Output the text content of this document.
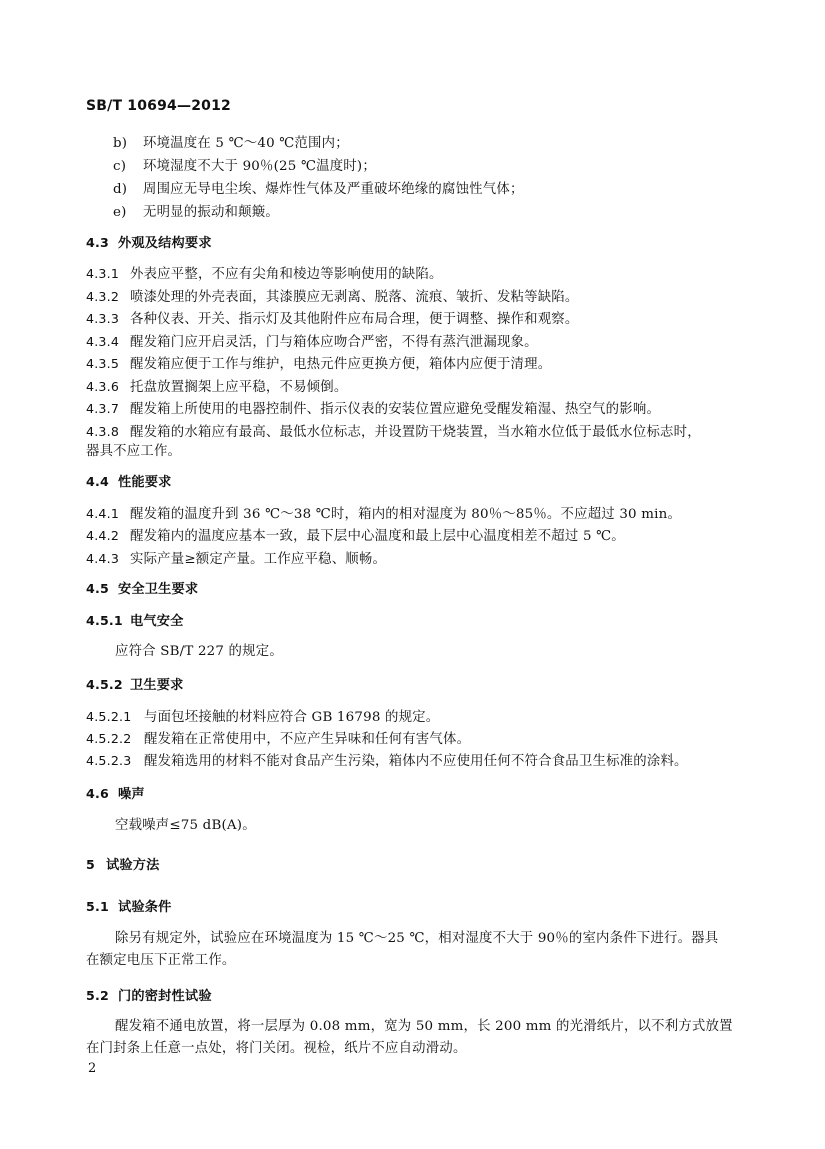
SB/T 10694—2012
b) 环境温度在 5 ℃～40 ℃范围内；
c) 环境湿度不大于 90％(25 ℃温度时)；
d) 周围应无导电尘埃、爆炸性气体及严重破坏绝缘的腐蚀性气体；
e) 无明显的振动和颠簸。
4.3 外观及结构要求
4.3.1 外表应平整，不应有尖角和棱边等影响使用的缺陷。
4.3.2 喷漆处理的外壳表面，其漆膜应无剥离、脱落、流痕、皱折、发粘等缺陷。
4.3.3 各种仪表、开关、指示灯及其他附件应布局合理，便于调整、操作和观察。
4.3.4 醒发箱门应开启灵活，门与箱体应吻合严密，不得有蒸汽泄漏现象。
4.3.5 醒发箱应便于工作与维护，电热元件应更换方便，箱体内应便于清理。
4.3.6 托盘放置搁架上应平稳，不易倾倒。
4.3.7 醒发箱上所使用的电器控制件、指示仪表的安装位置应避免受醒发箱湿、热空气的影响。
4.3.8 醒发箱的水箱应有最高、最低水位标志，并设置防干烧装置，当水箱水位低于最低水位标志时，
器具不应工作。
4.4 性能要求
4.4.1 醒发箱的温度升到 36 ℃～38 ℃时，箱内的相对湿度为 80％～85％。不应超过 30 min。
4.4.2 醒发箱内的温度应基本一致，最下层中心温度和最上层中心温度相差不超过 5 ℃。
4.4.3 实际产量≥额定产量。工作应平稳、顺畅。
4.5 安全卫生要求
4.5.1 电气安全
应符合 SB/T 227 的规定。
4.5.2 卫生要求
4.5.2.1 与面包坯接触的材料应符合 GB 16798 的规定。
4.5.2.2 醒发箱在正常使用中，不应产生异味和任何有害气体。
4.5.2.3 醒发箱选用的材料不能对食品产生污染，箱体内不应使用任何不符合食品卫生标准的涂料。
4.6 噪声
空载噪声≤75 dB(A)。
5 试验方法
5.1 试验条件
除另有规定外，试验应在环境温度为 15 ℃～25 ℃，相对湿度不大于 90％的室内条件下进行。器具
在额定电压下正常工作。
5.2 门的密封性试验
醒发箱不通电放置，将一层厚为 0.08 mm，宽为 50 mm，长 200 mm 的光滑纸片，以不利方式放置
在门封条上任意一点处，将门关闭。视检，纸片不应自动滑动。
2
